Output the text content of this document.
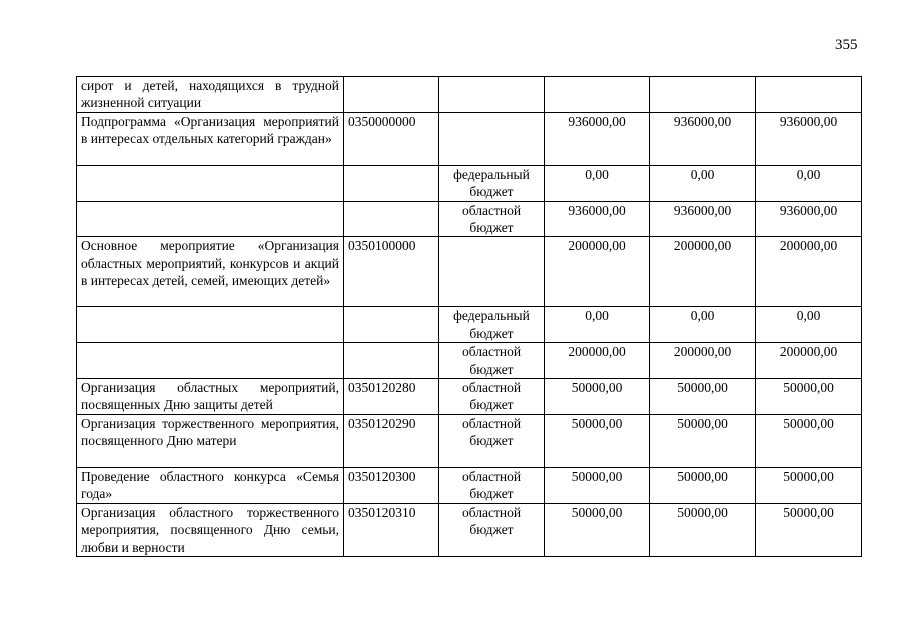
355
сирот и детей, находящихся в трудной жизненной ситуации					
Подпрограмма «Организация мероприятий в интересах отдельных категорий граждан»	0350000000		936000,00	936000,00	936000,00
		федеральный бюджет	0,00	0,00	0,00
		областной бюджет	936000,00	936000,00	936000,00
Основное мероприятие «Организация областных мероприятий, конкурсов и акций в интересах детей, семей, имеющих детей»	0350100000		200000,00	200000,00	200000,00
		федеральный бюджет	0,00	0,00	0,00
		областной бюджет	200000,00	200000,00	200000,00
Организация областных мероприятий, посвященных Дню защиты детей	0350120280	областной бюджет	50000,00	50000,00	50000,00
Организация торжественного мероприятия, посвященного Дню матери	0350120290	областной бюджет	50000,00	50000,00	50000,00
Проведение областного конкурса «Семья года»	0350120300	областной бюджет	50000,00	50000,00	50000,00
Организация областного торжественного мероприятия, посвященного Дню семьи, любви и верности	0350120310	областной бюджет	50000,00	50000,00	50000,00
